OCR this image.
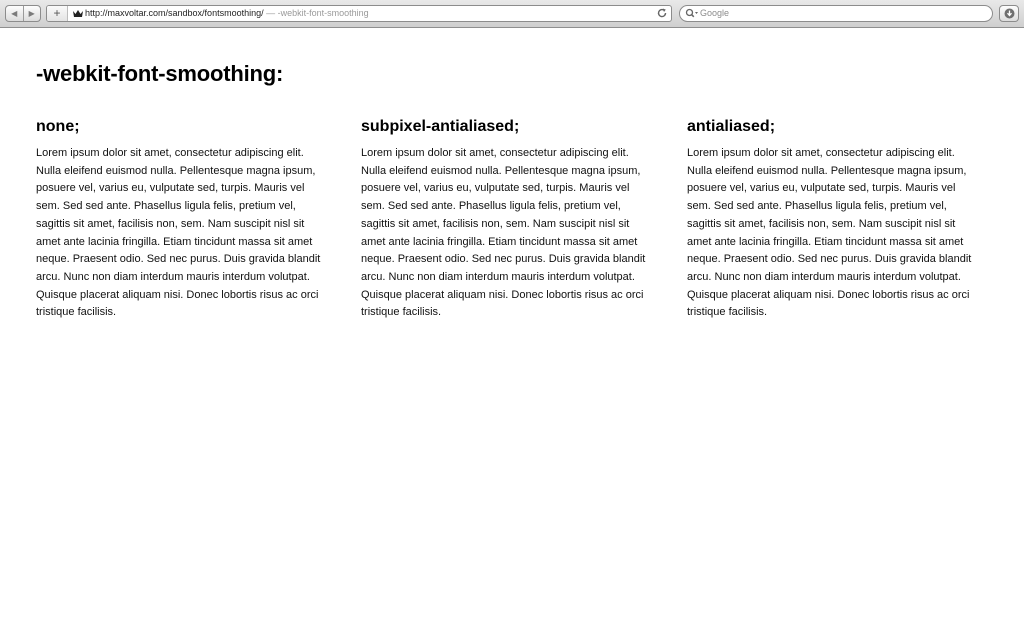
◀ ▶	+	http://maxvoltar.com/sandbox/fontsmoothing/ — -webkit-font-smoothing	Google
-webkit-font-smoothing:
none;

Lorem ipsum dolor sit amet, consectetur adipiscing elit. Nulla eleifend euismod nulla. Pellentesque magna ipsum, posuere vel, varius eu, vulputate sed, turpis. Mauris vel sem. Sed sed ante. Phasellus ligula felis, pretium vel, sagittis sit amet, facilisis non, sem. Nam suscipit nisl sit amet ante lacinia fringilla. Etiam tincidunt massa sit amet neque. Praesent odio. Sed nec purus. Duis gravida blandit arcu. Nunc non diam interdum mauris interdum volutpat. Quisque placerat aliquam nisi. Donec lobortis risus ac orci tristique facilisis.

subpixel-antialiased;

Lorem ipsum dolor sit amet, consectetur adipiscing elit. Nulla eleifend euismod nulla. Pellentesque magna ipsum, posuere vel, varius eu, vulputate sed, turpis. Mauris vel sem. Sed sed ante. Phasellus ligula felis, pretium vel, sagittis sit amet, facilisis non, sem. Nam suscipit nisl sit amet ante lacinia fringilla. Etiam tincidunt massa sit amet neque. Praesent odio. Sed nec purus. Duis gravida blandit arcu. Nunc non diam interdum mauris interdum volutpat. Quisque placerat aliquam nisi. Donec lobortis risus ac orci tristique facilisis.

antialiased;

Lorem ipsum dolor sit amet, consectetur adipiscing elit. Nulla eleifend euismod nulla. Pellentesque magna ipsum, posuere vel, varius eu, vulputate sed, turpis. Mauris vel sem. Sed sed ante. Phasellus ligula felis, pretium vel, sagittis sit amet, facilisis non, sem. Nam suscipit nisl sit amet ante lacinia fringilla. Etiam tincidunt massa sit amet neque. Praesent odio. Sed nec purus. Duis gravida blandit arcu. Nunc non diam interdum mauris interdum volutpat. Quisque placerat aliquam nisi. Donec lobortis risus ac orci tristique facilisis.
